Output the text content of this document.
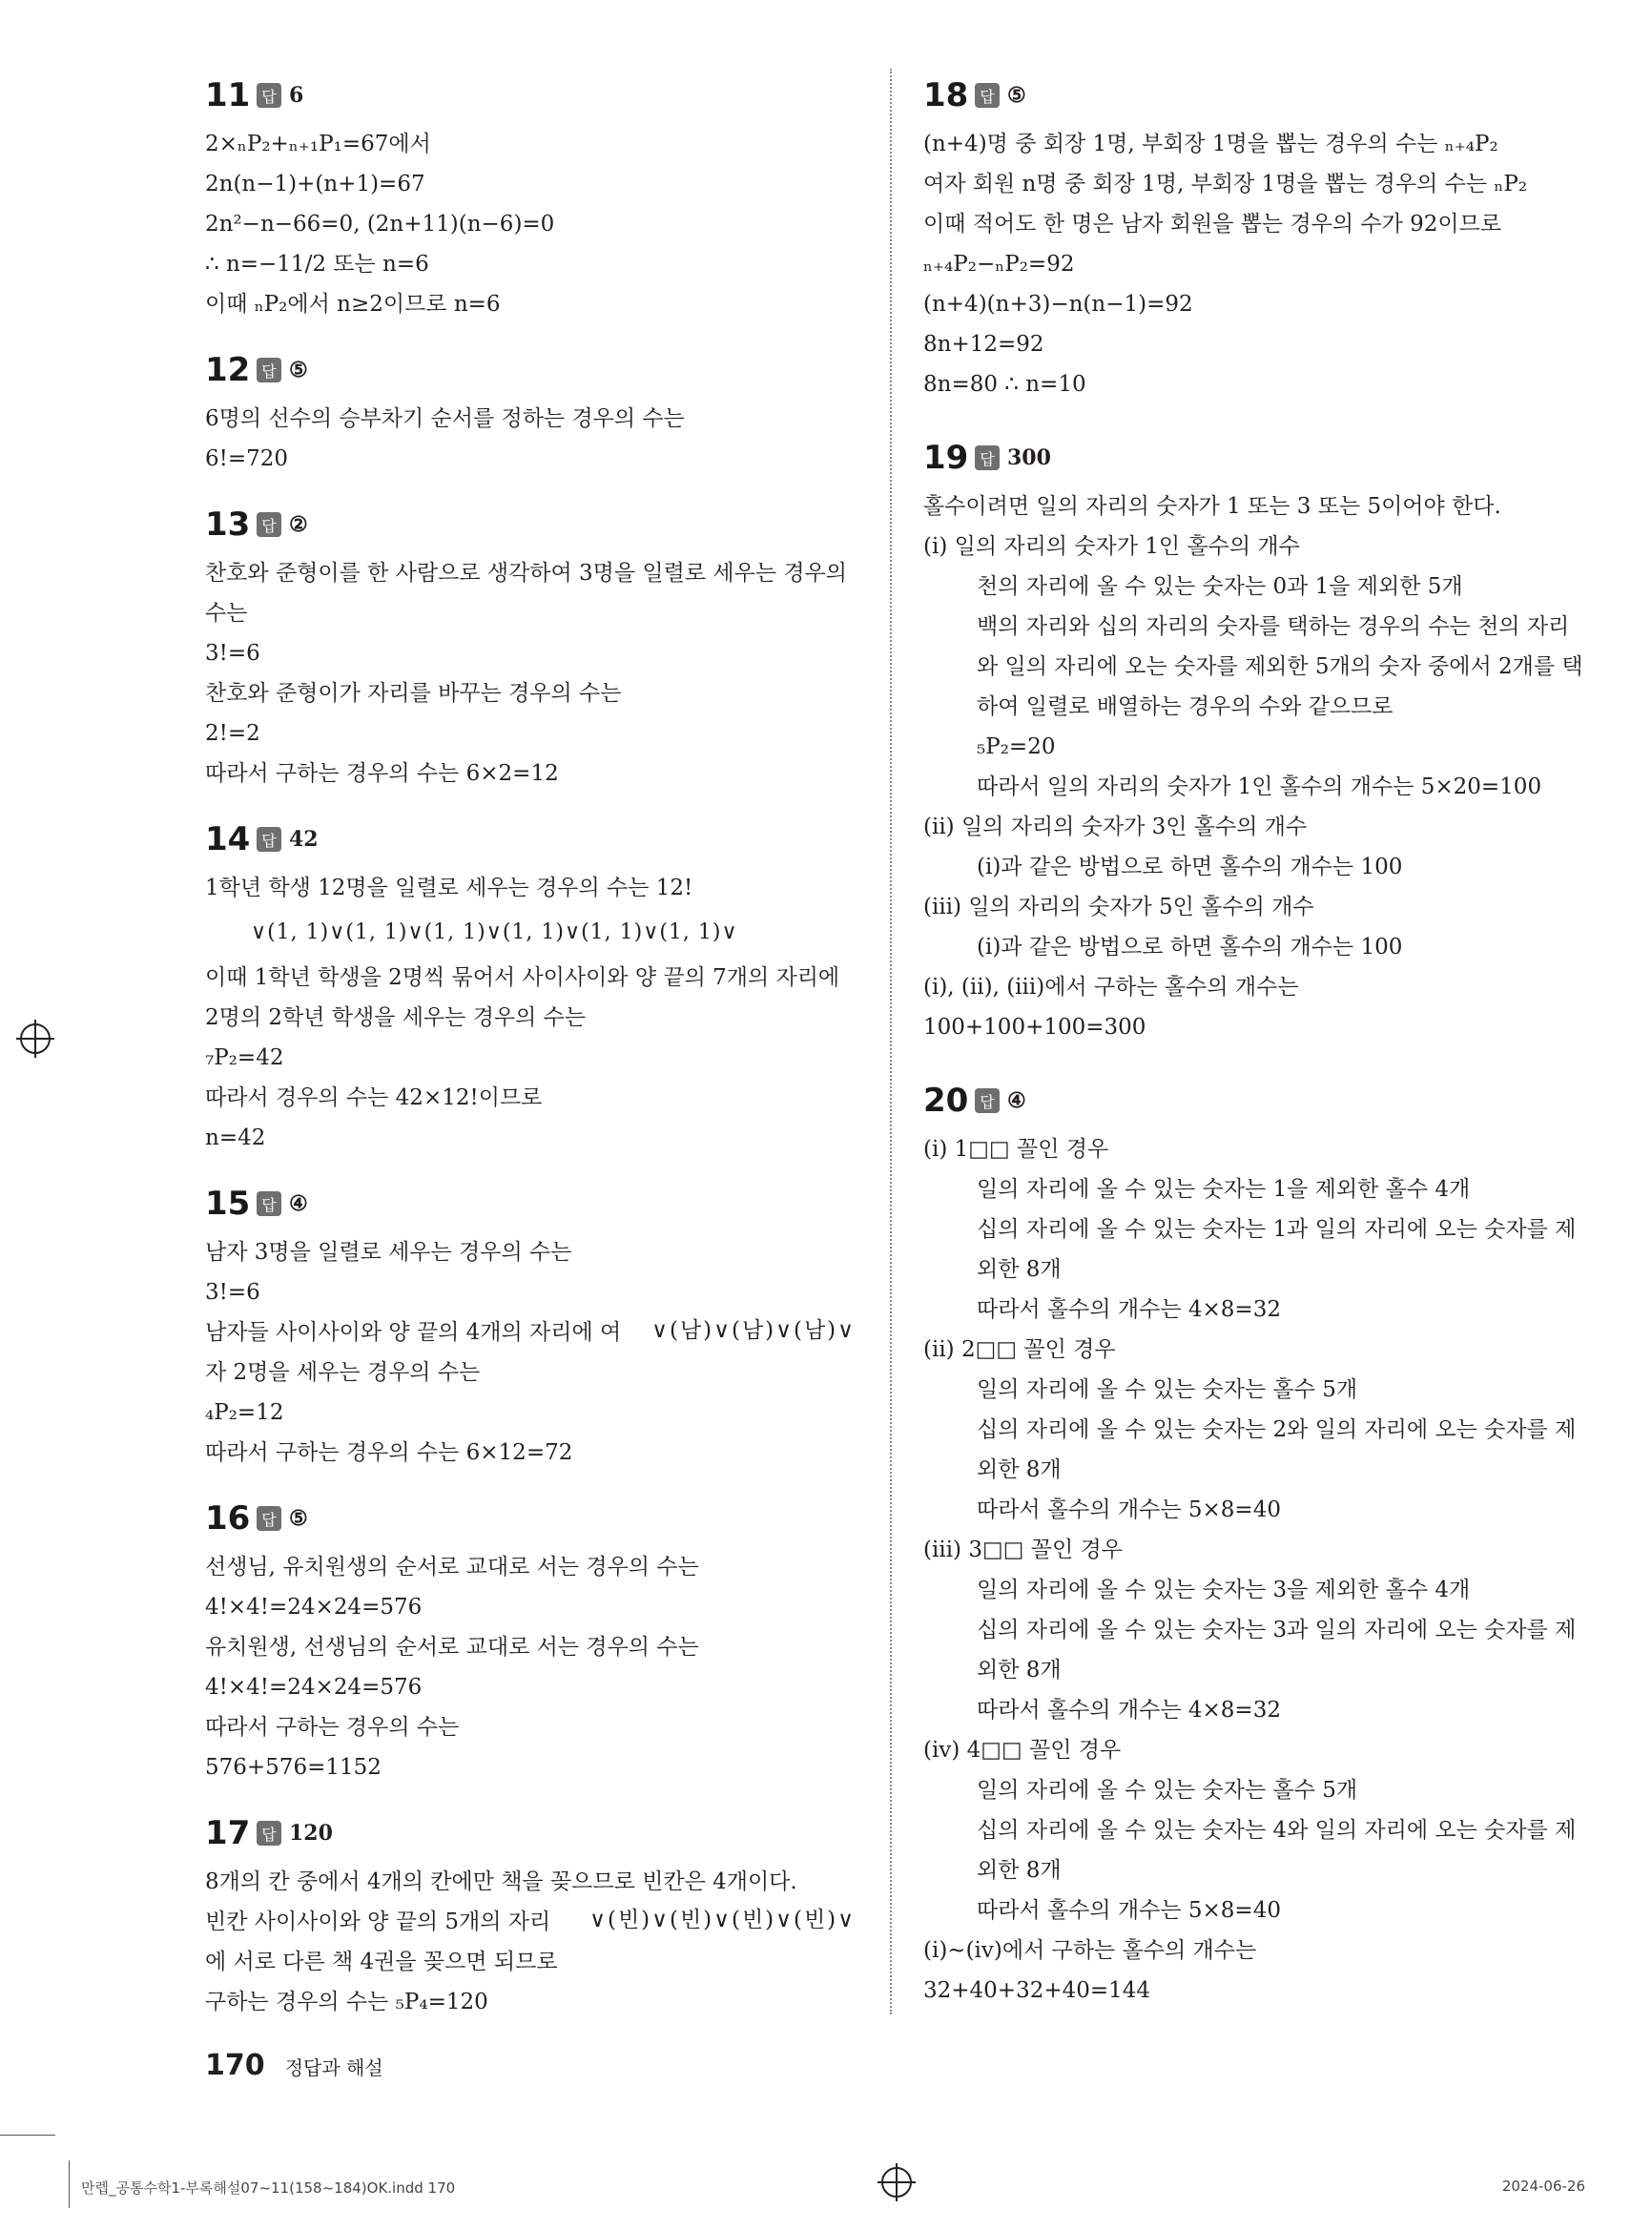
11 답 6
2×ₙP₂+ₙ₊₁P₁=67에서
2n(n−1)+(n+1)=67
2n²−n−66=0, (2n+11)(n−6)=0
∴ n=−11/2 또는 n=6
이때 ₙP₂에서 n≥2이므로 n=6
12 답 ⑤
6명의 선수의 승부차기 순서를 정하는 경우의 수는
6!=720
13 답 ②
찬호와 준형이를 한 사람으로 생각하여 3명을 일렬로 세우는 경우의
수는
3!=6
찬호와 준형이가 자리를 바꾸는 경우의 수는
2!=2
따라서 구하는 경우의 수는 6×2=12
14 답 42
1학년 학생 12명을 일렬로 세우는 경우의 수는 12!
∨(1, 1)∨(1, 1)∨(1, 1)∨(1, 1)∨(1, 1)∨(1, 1)∨
이때 1학년 학생을 2명씩 묶어서 사이사이와 양 끝의 7개의 자리에
2명의 2학년 학생을 세우는 경우의 수는
₇P₂=42
따라서 경우의 수는 42×12!이므로
n=42
15 답 ④
남자 3명을 일렬로 세우는 경우의 수는
3!=6
남자들 사이사이와 양 끝의 4개의 자리에 여
자 2명을 세우는 경우의 수는
₄P₂=12
따라서 구하는 경우의 수는 6×12=72
∨(남)∨(남)∨(남)∨
16 답 ⑤
선생님, 유치원생의 순서로 교대로 서는 경우의 수는
4!×4!=24×24=576
유치원생, 선생님의 순서로 교대로 서는 경우의 수는
4!×4!=24×24=576
따라서 구하는 경우의 수는
576+576=1152
17 답 120
8개의 칸 중에서 4개의 칸에만 책을 꽂으므로 빈칸은 4개이다.
빈칸 사이사이와 양 끝의 5개의 자리
에 서로 다른 책 4권을 꽂으면 되므로
구하는 경우의 수는 ₅P₄=120
∨(빈)∨(빈)∨(빈)∨(빈)∨
18 답 ⑤
(n+4)명 중 회장 1명, 부회장 1명을 뽑는 경우의 수는 ₙ₊₄P₂
여자 회원 n명 중 회장 1명, 부회장 1명을 뽑는 경우의 수는 ₙP₂
이때 적어도 한 명은 남자 회원을 뽑는 경우의 수가 92이므로
ₙ₊₄P₂−ₙP₂=92
(n+4)(n+3)−n(n−1)=92
8n+12=92
8n=80 ∴ n=10
19 답 300
홀수이려면 일의 자리의 숫자가 1 또는 3 또는 5이어야 한다.
(ⅰ) 일의 자리의 숫자가 1인 홀수의 개수
천의 자리에 올 수 있는 숫자는 0과 1을 제외한 5개
백의 자리와 십의 자리의 숫자를 택하는 경우의 수는 천의 자리
와 일의 자리에 오는 숫자를 제외한 5개의 숫자 중에서 2개를 택
하여 일렬로 배열하는 경우의 수와 같으므로
₅P₂=20
따라서 일의 자리의 숫자가 1인 홀수의 개수는 5×20=100
(ⅱ) 일의 자리의 숫자가 3인 홀수의 개수
(ⅰ)과 같은 방법으로 하면 홀수의 개수는 100
(ⅲ) 일의 자리의 숫자가 5인 홀수의 개수
(ⅰ)과 같은 방법으로 하면 홀수의 개수는 100
(ⅰ), (ⅱ), (ⅲ)에서 구하는 홀수의 개수는
100+100+100=300
20 답 ④
(ⅰ) 1□□ 꼴인 경우
일의 자리에 올 수 있는 숫자는 1을 제외한 홀수 4개
십의 자리에 올 수 있는 숫자는 1과 일의 자리에 오는 숫자를 제
외한 8개
따라서 홀수의 개수는 4×8=32
(ⅱ) 2□□ 꼴인 경우
일의 자리에 올 수 있는 숫자는 홀수 5개
십의 자리에 올 수 있는 숫자는 2와 일의 자리에 오는 숫자를 제
외한 8개
따라서 홀수의 개수는 5×8=40
(ⅲ) 3□□ 꼴인 경우
일의 자리에 올 수 있는 숫자는 3을 제외한 홀수 4개
십의 자리에 올 수 있는 숫자는 3과 일의 자리에 오는 숫자를 제
외한 8개
따라서 홀수의 개수는 4×8=32
(ⅳ) 4□□ 꼴인 경우
일의 자리에 올 수 있는 숫자는 홀수 5개
십의 자리에 올 수 있는 숫자는 4와 일의 자리에 오는 숫자를 제
외한 8개
따라서 홀수의 개수는 5×8=40
(ⅰ)~(ⅳ)에서 구하는 홀수의 개수는
32+40+32+40=144
170 정답과 해설
만렙_공통수학1-부록해설07~11(158~184)OK.indd 170	2024-06-26
